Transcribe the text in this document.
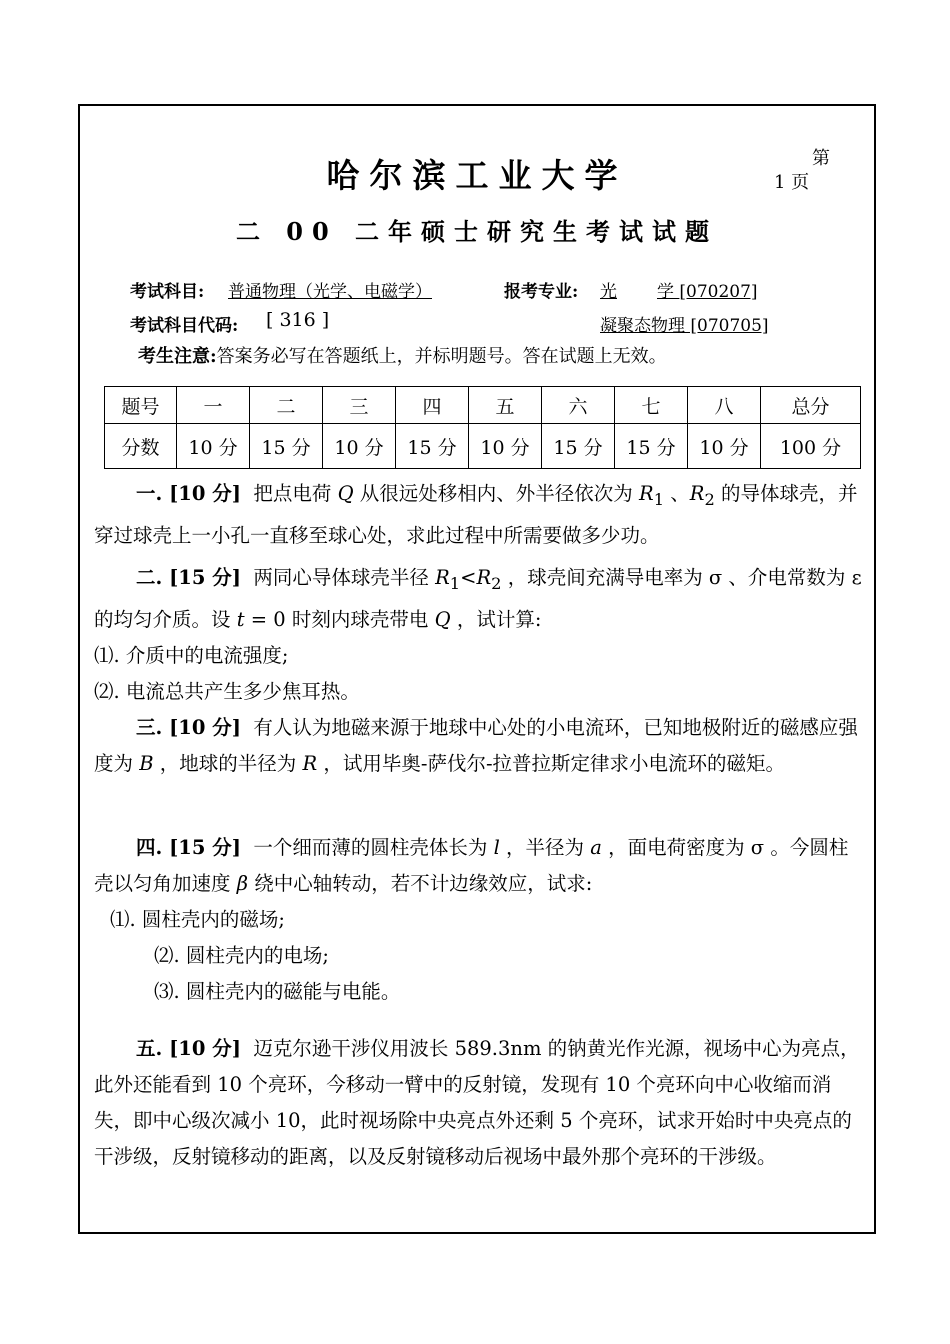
哈尔滨工业大学	第
1 页
二 00 二年硕士研究生考试试题
考试科目: 普通物理（光学、电磁学）	报考专业: 光 学 [070207]
考试科目代码: [ 316 ]	凝聚态物理 [070705]
考生注意:答案务必写在答题纸上，并标明题号。答在试题上无效。
题号	一	二	三	四	五	六	七	八	总分
分数	10 分	15 分	10 分	15 分	10 分	15 分	15 分	10 分	100 分

一. [10 分] 把点电荷 Q 从很远处移相内、外半径依次为 $R_1$ 、$R_2$ 的导体球壳，并穿过球壳上一小孔一直移至球心处，求此过程中所需要做多少功。

二. [15 分] 两同心导体球壳半径 $R_1<R_2$ ，球壳间充满导电率为 σ 、介电常数为 ε 的均匀介质。设 t = 0 时刻内球壳带电 Q ，试计算:

⑴. 介质中的电流强度;

⑵. 电流总共产生多少焦耳热。

三. [10 分] 有人认为地磁来源于地球中心处的小电流环，已知地极附近的磁感应强度为 B ，地球的半径为 R ，试用毕奥-萨伐尔-拉普拉斯定律求小电流环的磁矩。

四. [15 分] 一个细而薄的圆柱壳体长为 l ，半径为 a ，面电荷密度为 σ 。今圆柱壳以匀角加速度 β 绕中心轴转动，若不计边缘效应，试求:

⑴. 圆柱壳内的磁场;

⑵. 圆柱壳内的电场;

⑶. 圆柱壳内的磁能与电能。

五. [10 分] 迈克尔逊干涉仪用波长 589.3nm 的钠黄光作光源，视场中心为亮点，此外还能看到 10 个亮环，今移动一臂中的反射镜，发现有 10 个亮环向中心收缩而消失，即中心级次减小 10，此时视场除中央亮点外还剩 5 个亮环，试求开始时中央亮点的干涉级，反射镜移动的距离，以及反射镜移动后视场中最外那个亮环的干涉级。
